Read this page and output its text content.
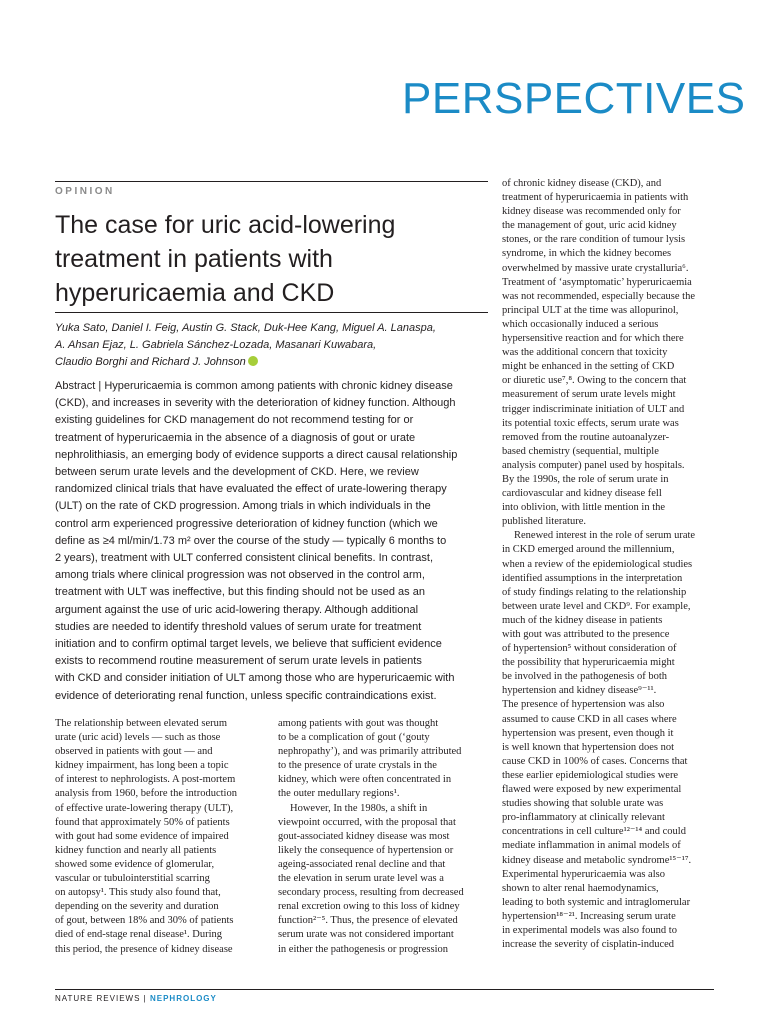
PERSPECTIVES
OPINION
The case for uric acid-lowering
treatment in patients with
hyperuricaemia and CKD
Yuka Sato, Daniel I. Feig, Austin G. Stack, Duk-Hee Kang, Miguel A. Lanaspa,
A. Ahsan Ejaz, L. Gabriela Sánchez-Lozada, Masanari Kuwabara,
Claudio Borghi and Richard J. Johnson
Abstract | Hyperuricaemia is common among patients with chronic kidney disease
(CKD), and increases in severity with the deterioration of kidney function. Although
existing guidelines for CKD management do not recommend testing for or
treatment of hyperuricaemia in the absence of a diagnosis of gout or urate
nephrolithiasis, an emerging body of evidence supports a direct causal relationship
between serum urate levels and the development of CKD. Here, we review
randomized clinical trials that have evaluated the effect of urate-lowering therapy
(ULT) on the rate of CKD progression. Among trials in which individuals in the
control arm experienced progressive deterioration of kidney function (which we
define as ≥4 ml/min/1.73 m² over the course of the study — typically 6 months to
2 years), treatment with ULT conferred consistent clinical benefits. In contrast,
among trials where clinical progression was not observed in the control arm,
treatment with ULT was ineffective, but this finding should not be used as an
argument against the use of uric acid-lowering therapy. Although additional
studies are needed to identify threshold values of serum urate for treatment
initiation and to confirm optimal target levels, we believe that sufficient evidence
exists to recommend routine measurement of serum urate levels in patients
with CKD and consider initiation of ULT among those who are hyperuricaemic with
evidence of deteriorating renal function, unless specific contraindications exist.
The relationship between elevated serum
urate (uric acid) levels — such as those
observed in patients with gout — and
kidney impairment, has long been a topic
of interest to nephrologists. A post-mortem
analysis from 1960, before the introduction
of effective urate-lowering therapy (ULT),
found that approximately 50% of patients
with gout had some evidence of impaired
kidney function and nearly all patients
showed some evidence of glomerular,
vascular or tubulointerstitial scarring
on autopsy¹. This study also found that,
depending on the severity and duration
of gout, between 18% and 30% of patients
died of end-stage renal disease¹. During
this period, the presence of kidney disease
among patients with gout was thought
to be a complication of gout (‘gouty
nephropathy’), and was primarily attributed
to the presence of urate crystals in the
kidney, which were often concentrated in
the outer medullary regions¹.
However, In the 1980s, a shift in
viewpoint occurred, with the proposal that
gout-associated kidney disease was most
likely the consequence of hypertension or
ageing-associated renal decline and that
the elevation in serum urate level was a
secondary process, resulting from decreased
renal excretion owing to this loss of kidney
function²⁻⁵. Thus, the presence of elevated
serum urate was not considered important
in either the pathogenesis or progression
of chronic kidney disease (CKD), and
treatment of hyperuricaemia in patients with
kidney disease was recommended only for
the management of gout, uric acid kidney
stones, or the rare condition of tumour lysis
syndrome, in which the kidney becomes
overwhelmed by massive urate crystalluria⁶.
Treatment of ‘asymptomatic’ hyperuricaemia
was not recommended, especially because the
principal ULT at the time was allopurinol,
which occasionally induced a serious
hypersensitive reaction and for which there
was the additional concern that toxicity
might be enhanced in the setting of CKD
or diuretic use⁷,⁸. Owing to the concern that
measurement of serum urate levels might
trigger indiscriminate initiation of ULT and
its potential toxic effects, serum urate was
removed from the routine autoanalyzer-
based chemistry (sequential, multiple
analysis computer) panel used by hospitals.
By the 1990s, the role of serum urate in
cardiovascular and kidney disease fell
into oblivion, with little mention in the
published literature.
Renewed interest in the role of serum urate
in CKD emerged around the millennium,
when a review of the epidemiological studies
identified assumptions in the interpretation
of study findings relating to the relationship
between urate level and CKD⁹. For example,
much of the kidney disease in patients
with gout was attributed to the presence
of hypertension⁵ without consideration of
the possibility that hyperuricaemia might
be involved in the pathogenesis of both
hypertension and kidney disease⁹⁻¹¹.
The presence of hypertension was also
assumed to cause CKD in all cases where
hypertension was present, even though it
is well known that hypertension does not
cause CKD in 100% of cases. Concerns that
these earlier epidemiological studies were
flawed were exposed by new experimental
studies showing that soluble urate was
pro-inflammatory at clinically relevant
concentrations in cell culture¹²⁻¹⁴ and could
mediate inflammation in animal models of
kidney disease and metabolic syndrome¹⁵⁻¹⁷.
Experimental hyperuricaemia was also
shown to alter renal haemodynamics,
leading to both systemic and intraglomerular
hypertension¹⁸⁻²¹. Increasing serum urate
in experimental models was also found to
increase the severity of cisplatin-induced
NATURE REVIEWS | NEPHROLOGY
